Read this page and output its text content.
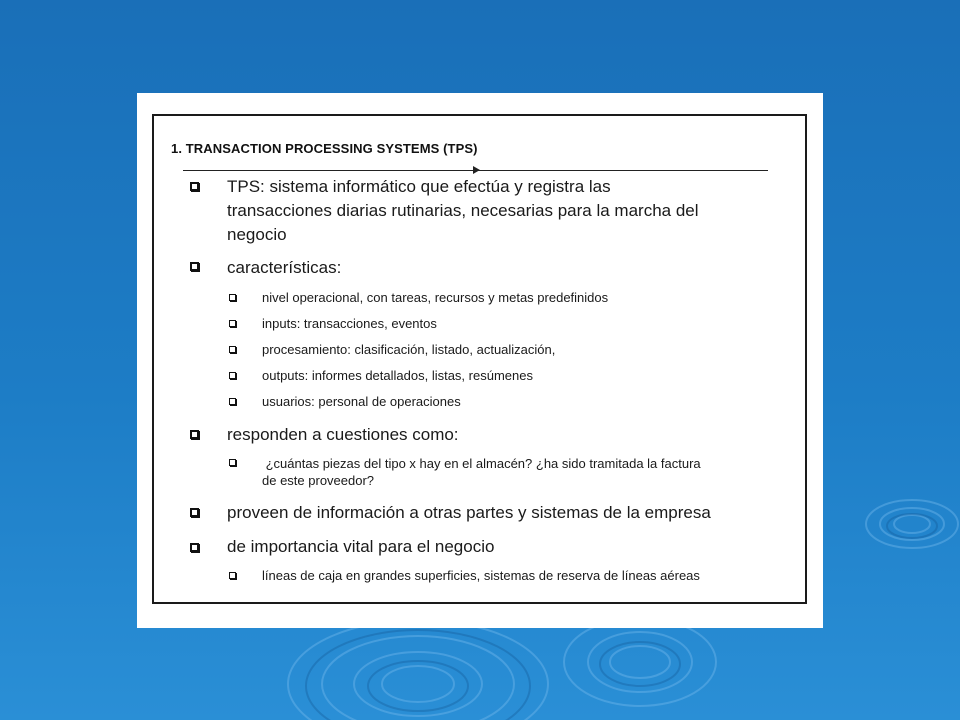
1. TRANSACTION PROCESSING SYSTEMS (TPS)
TPS: sistema informático que efectúa y registra las
transacciones diarias rutinarias, necesarias para la marcha del
negocio
características:
nivel operacional, con tareas, recursos y metas predefinidos
inputs: transacciones, eventos
procesamiento: clasificación, listado, actualización,
outputs: informes detallados, listas, resúmenes
usuarios: personal de operaciones
responden a cuestiones como:
¿cuántas piezas del tipo x hay en el almacén? ¿ha sido tramitada la factura
de este proveedor?
proveen de información a otras partes y sistemas de la empresa
de importancia vital para el negocio
líneas de caja en grandes superficies, sistemas de reserva de líneas aéreas
